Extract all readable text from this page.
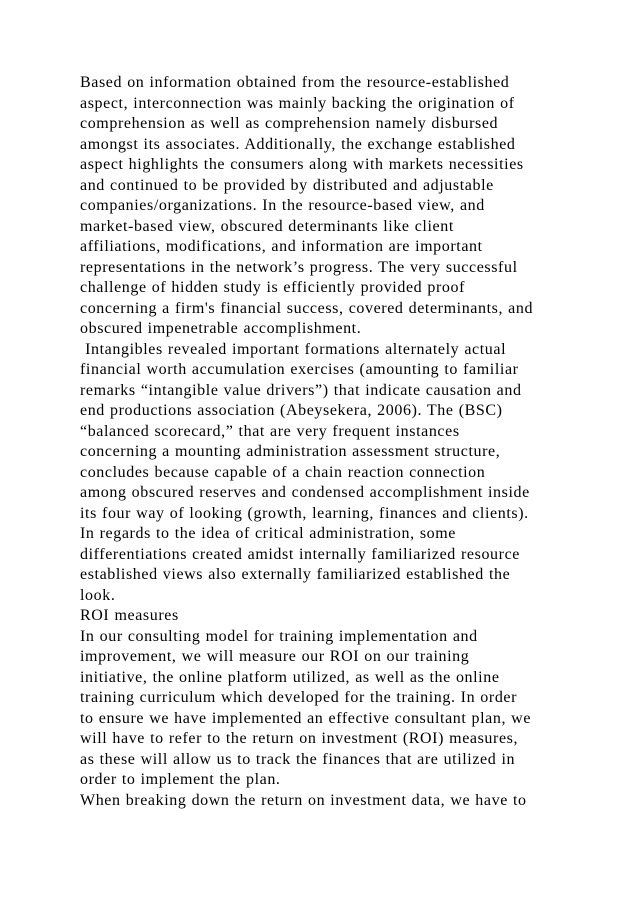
Based on information obtained from the resource-established
aspect, interconnection was mainly backing the origination of
comprehension as well as comprehension namely disbursed
amongst its associates. Additionally, the exchange established
aspect highlights the consumers along with markets necessities
and continued to be provided by distributed and adjustable
companies/organizations. In the resource-based view, and
market-based view, obscured determinants like client
affiliations, modifications, and information are important
representations in the network’s progress. The very successful
challenge of hidden study is efficiently provided proof
concerning a firm's financial success, covered determinants, and
obscured impenetrable accomplishment.
Intangibles revealed important formations alternately actual
financial worth accumulation exercises (amounting to familiar
remarks “intangible value drivers”) that indicate causation and
end productions association (Abeysekera, 2006). The (BSC)
“balanced scorecard,” that are very frequent instances
concerning a mounting administration assessment structure,
concludes because capable of a chain reaction connection
among obscured reserves and condensed accomplishment inside
its four way of looking (growth, learning, finances and clients).
In regards to the idea of critical administration, some
differentiations created amidst internally familiarized resource
established views also externally familiarized established the
look.
ROI measures
In our consulting model for training implementation and
improvement, we will measure our ROI on our training
initiative, the online platform utilized, as well as the online
training curriculum which developed for the training. In order
to ensure we have implemented an effective consultant plan, we
will have to refer to the return on investment (ROI) measures,
as these will allow us to track the finances that are utilized in
order to implement the plan.
When breaking down the return on investment data, we have to
